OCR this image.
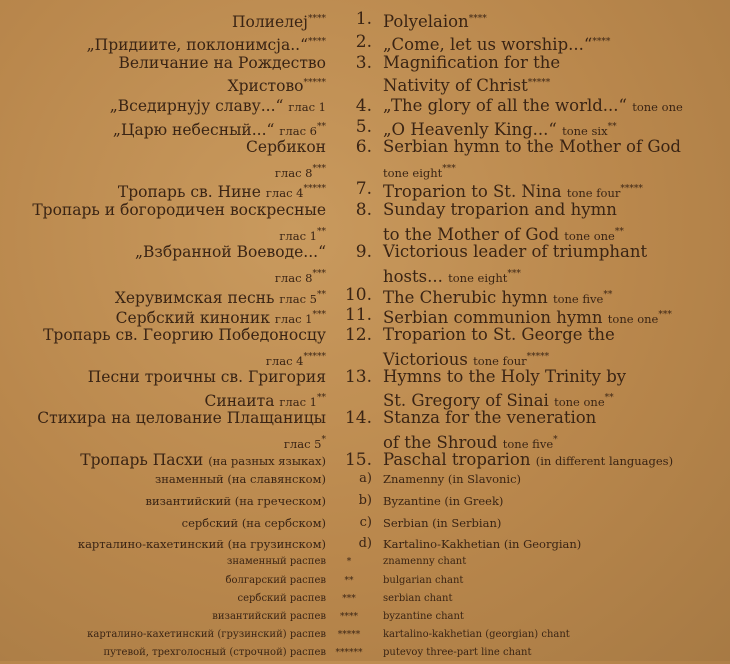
Полиелеј****	1. Polyelaion****
„Придиите, поклонимсја..“****	2. „Come, let us worship...“****
Величание на Рождество	3. Magnification for the
Христово*****	Nativity of Christ*****
„Вседирнују славу...“ глас 1	4. „The glory of all the world...“ tone one
„Царю небесный...“ глас 6**	5. „O Heavenly King...“ tone six**
Сербикон	6. Serbian hymn to the Mother of God
глас 8***	tone eight***
Тропарь св. Нине глас 4*****	7. Troparion to St. Nina tone four*****
Тропарь и богородичен воскресные	8. Sunday troparion and hymn
глас 1**	to the Mother of God tone one**
„Взбранной Воеводе...“	9. Victorious leader of triumphant
глас 8***	hosts... tone eight***
Херувимская песнь глас 5**	10. The Cherubic hymn tone five**
Сербский киноник глас 1***	11. Serbian communion hymn tone one***
Тропарь св. Георгию Победоносцу	12. Troparion to St. George the
глас 4*****	Victorious tone four*****
Песни троичны св. Григория	13. Hymns to the Holy Trinity by
Синаита глас 1**	St. Gregory of Sinai tone one**
Стихира на целование Плащаницы	14. Stanza for the veneration
глас 5*	of the Shroud tone five*
Тропарь Пасхи (на разных языках)	15. Paschal troparion (in different languages)
знаменный (на славянском)	a) Znamenny (in Slavonic)
византийский (на греческом)	b) Byzantine (in Greek)
сербский (на сербском)	c) Serbian (in Serbian)
карталино-кахетинский (на грузинском)	d) Kartalino-Kakhetian (in Georgian)
знаменный распев	*	znamenny chant
болгарский распев	**	bulgarian chant
сербский распев	***	serbian chant
византийский распев	****	byzantine chant
карталино-кахетинский (грузинский) распев	*****	kartalino-kakhetian (georgian) chant
путевой, трехголосный (строчной) распев	******	putevoy three-part line chant
